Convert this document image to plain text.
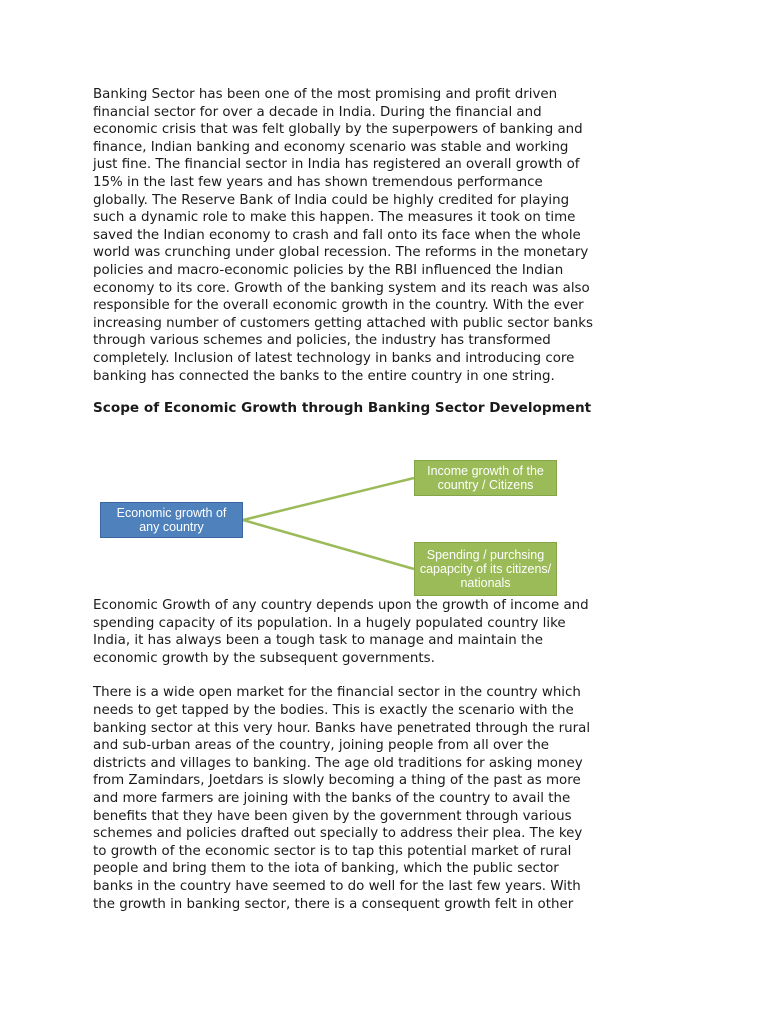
Banking Sector has been one of the most promising and profit driven
financial sector for over a decade in India. During the financial and
economic crisis that was felt globally by the superpowers of banking and
finance, Indian banking and economy scenario was stable and working
just fine. The financial sector in India has registered an overall growth of
15% in the last few years and has shown tremendous performance
globally. The Reserve Bank of India could be highly credited for playing
such a dynamic role to make this happen. The measures it took on time
saved the Indian economy to crash and fall onto its face when the whole
world was crunching under global recession. The reforms in the monetary
policies and macro-economic policies by the RBI influenced the Indian
economy to its core. Growth of the banking system and its reach was also
responsible for the overall economic growth in the country. With the ever
increasing number of customers getting attached with public sector banks
through various schemes and policies, the industry has transformed
completely. Inclusion of latest technology in banks and introducing core
banking has connected the banks to the entire country in one string.
Scope of Economic Growth through Banking Sector Development
Economic growth of any country
Income growth of the country / Citizens
Spending / purchsing capapcity of its citizens/ nationals
Economic Growth of any country depends upon the growth of income and
spending capacity of its population. In a hugely populated country like
India, it has always been a tough task to manage and maintain the
economic growth by the subsequent governments.
There is a wide open market for the financial sector in the country which
needs to get tapped by the bodies. This is exactly the scenario with the
banking sector at this very hour. Banks have penetrated through the rural
and sub-urban areas of the country, joining people from all over the
districts and villages to banking. The age old traditions for asking money
from Zamindars, Joetdars is slowly becoming a thing of the past as more
and more farmers are joining with the banks of the country to avail the
benefits that they have been given by the government through various
schemes and policies drafted out specially to address their plea. The key
to growth of the economic sector is to tap this potential market of rural
people and bring them to the iota of banking, which the public sector
banks in the country have seemed to do well for the last few years. With
the growth in banking sector, there is a consequent growth felt in other
